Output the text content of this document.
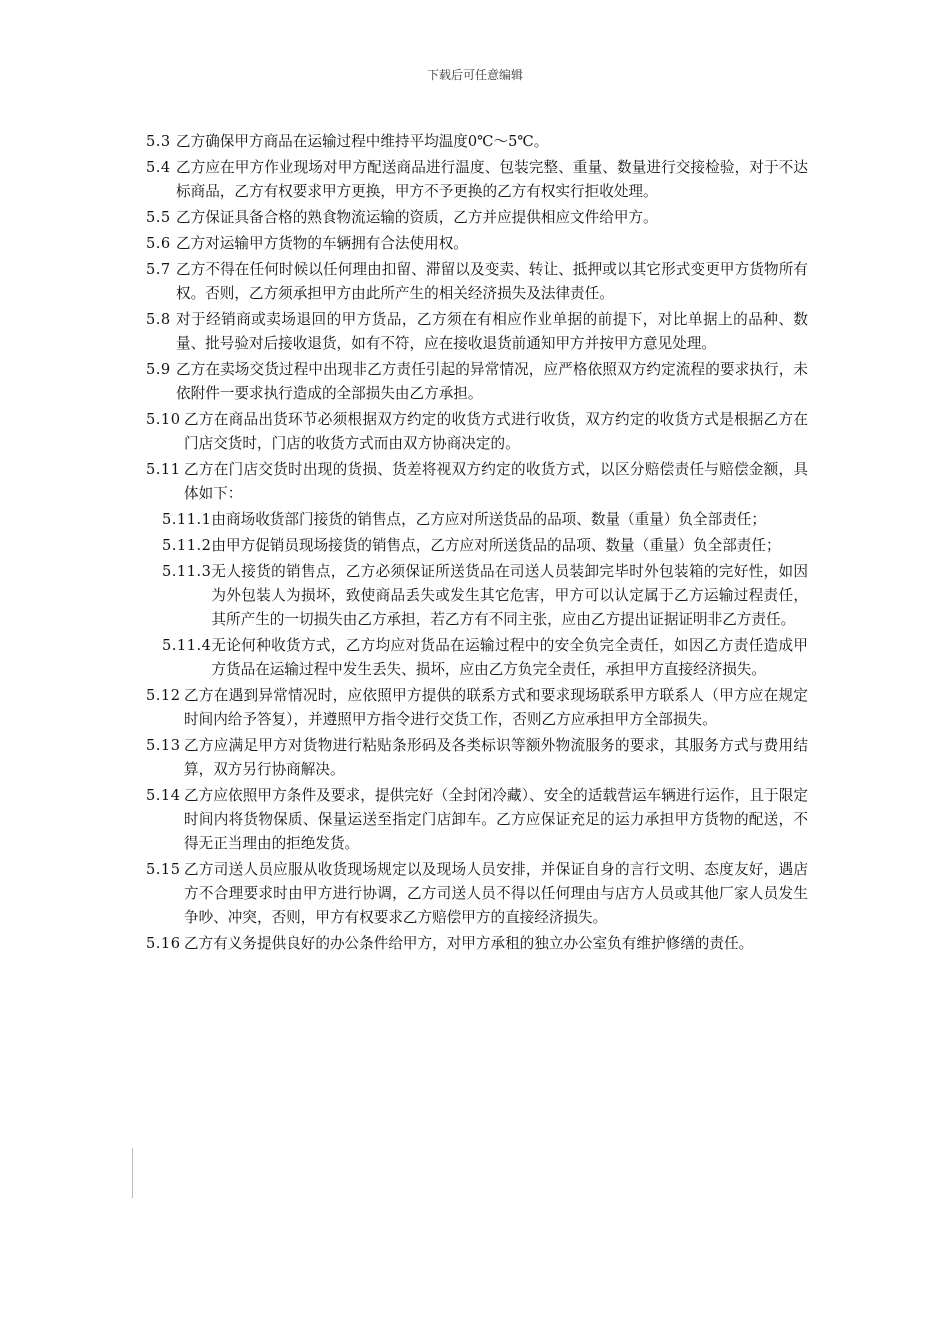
下载后可任意编辑
5.3 乙方确保甲方商品在运输过程中维持平均温度0℃～5℃。
5.4 乙方应在甲方作业现场对甲方配送商品进行温度、包装完整、重量、数量进行交接检验，对于不达标商品，乙方有权要求甲方更换，甲方不予更换的乙方有权实行拒收处理。
5.5 乙方保证具备合格的熟食物流运输的资质，乙方并应提供相应文件给甲方。
5.6 乙方对运输甲方货物的车辆拥有合法使用权。
5.7 乙方不得在任何时候以任何理由扣留、滞留以及变卖、转让、抵押或以其它形式变更甲方货物所有权。否则，乙方须承担甲方由此所产生的相关经济损失及法律责任。
5.8 对于经销商或卖场退回的甲方货品，乙方须在有相应作业单据的前提下，对比单据上的品种、数量、批号验对后接收退货，如有不符，应在接收退货前通知甲方并按甲方意见处理。
5.9 乙方在卖场交货过程中出现非乙方责任引起的异常情况，应严格依照双方约定流程的要求执行，未依附件一要求执行造成的全部损失由乙方承担。
5.10 乙方在商品出货环节必须根据双方约定的收货方式进行收货，双方约定的收货方式是根据乙方在门店交货时，门店的收货方式而由双方协商决定的。
5.11 乙方在门店交货时出现的货损、货差将视双方约定的收货方式，以区分赔偿责任与赔偿金额，具体如下：
5.11.1 由商场收货部门接货的销售点，乙方应对所送货品的品项、数量（重量）负全部责任；
5.11.2 由甲方促销员现场接货的销售点，乙方应对所送货品的品项、数量（重量）负全部责任；
5.11.3 无人接货的销售点，乙方必须保证所送货品在司送人员装卸完毕时外包装箱的完好性，如因为外包装人为损坏，致使商品丢失或发生其它危害，甲方可以认定属于乙方运输过程责任，其所产生的一切损失由乙方承担，若乙方有不同主张，应由乙方提出证据证明非乙方责任。
5.11.4 无论何种收货方式，乙方均应对货品在运输过程中的安全负完全责任，如因乙方责任造成甲方货品在运输过程中发生丢失、损坏，应由乙方负完全责任，承担甲方直接经济损失。
5.12 乙方在遇到异常情况时，应依照甲方提供的联系方式和要求现场联系甲方联系人（甲方应在规定时间内给予答复），并遵照甲方指令进行交货工作，否则乙方应承担甲方全部损失。
5.13 乙方应满足甲方对货物进行粘贴条形码及各类标识等额外物流服务的要求，其服务方式与费用结算，双方另行协商解决。
5.14 乙方应依照甲方条件及要求，提供完好（全封闭冷藏）、安全的适载营运车辆进行运作，且于限定时间内将货物保质、保量运送至指定门店卸车。乙方应保证充足的运力承担甲方货物的配送，不得无正当理由的拒绝发货。
5.15 乙方司送人员应服从收货现场规定以及现场人员安排，并保证自身的言行文明、态度友好，遇店方不合理要求时由甲方进行协调，乙方司送人员不得以任何理由与店方人员或其他厂家人员发生争吵、冲突，否则，甲方有权要求乙方赔偿甲方的直接经济损失。
5.16 乙方有义务提供良好的办公条件给甲方，对甲方承租的独立办公室负有维护修缮的责任。
